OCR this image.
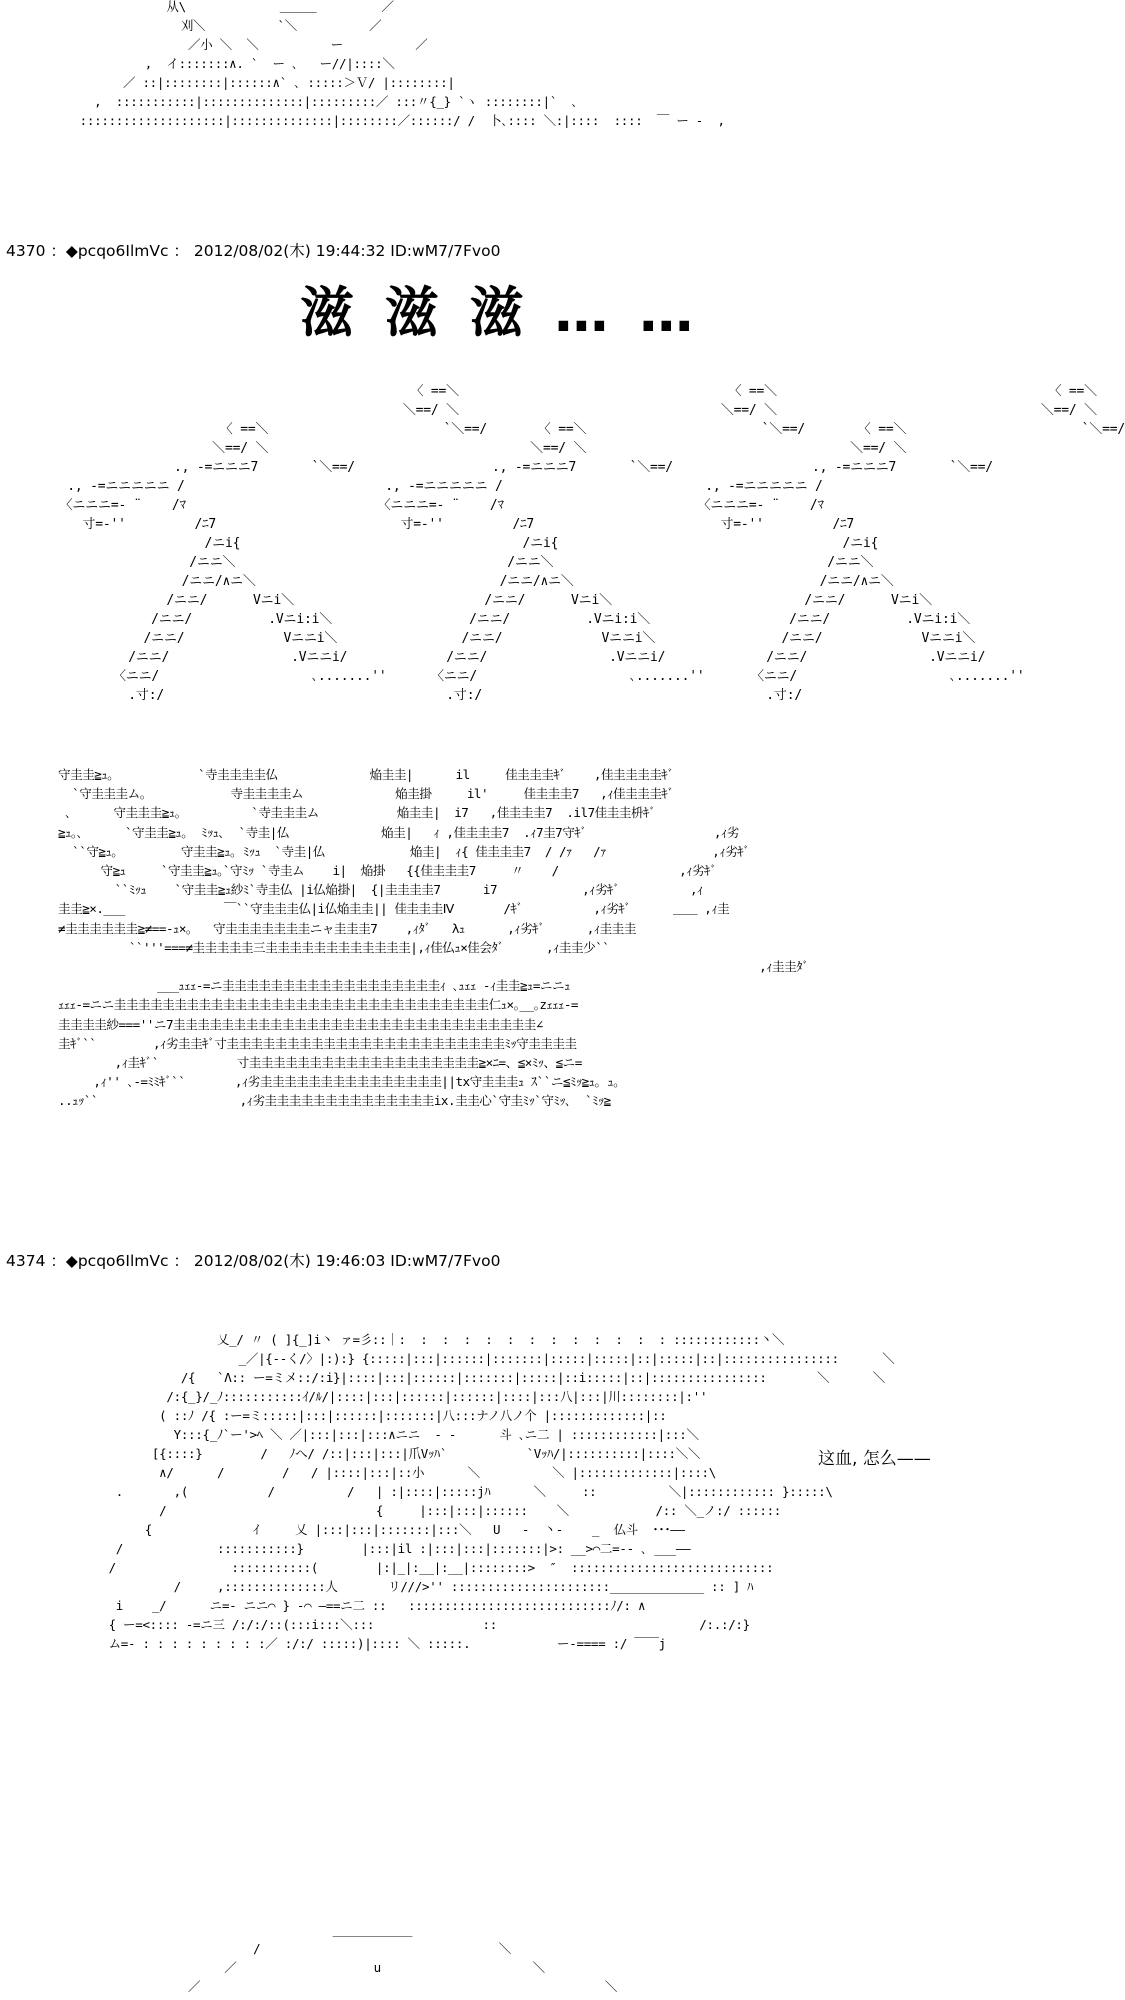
从\             ＿＿＿         ／
刈＼          `＼          ／
／小 ＼  ＼          ー          ／
,  イ:::::::∧. `  ー ､   ー//|::::＼
／ ::|::::::::|::::::∧` ､ :::::＞Ｖ/ |::::::::|
,  :::::::::::|::::::::::::::|:::::::::／ :::〃{_} `ヽ ::::::::|`  ､
::::::::::::::::::::|::::::::::::::|::::::::／::::::/ /  卜､:::: ＼:|::::  ::::  ￣ ー -  ,
4370 ：◆pcqo6IlmVc ： 2012/08/02(木) 19:44:32 ID:wM7/7Fvo0
滋 滋 滋 … …
〈 ==＼
＼==/ ＼
〈 ==＼                       `＼==/
＼==/ ＼
., -=ニニニ7       `＼==/
., -=ニニニニニ /
〈ニニニ=- ¨    /ﾏ
寸=-''         /ﾆ7
/ニi{
/ニニ＼
/ニニ/∧ニ＼
/ニニ/      Vニi＼
/ニニ/          .Vニi:i＼
/ニニ/             Vニニi＼
/ニニ/                .Vニニi/
〈ニニ/                    ､.......''
.寸:/
〈 ==＼
＼==/ ＼
〈 ==＼                       `＼==/
＼==/ ＼
., -=ニニニ7       `＼==/
., -=ニニニニニ /
〈ニニニ=- ¨    /ﾏ
寸=-''         /ﾆ7
/ニi{
/ニニ＼
/ニニ/∧ニ＼
/ニニ/      Vニi＼
/ニニ/          .Vニi:i＼
/ニニ/             Vニニi＼
/ニニ/                .Vニニi/
〈ニニ/                    ､.......''
.寸:/
〈 ==＼
＼==/ ＼
〈 ==＼                       `＼==/
＼==/ ＼
., -=ニニニ7       `＼==/
., -=ニニニニニ /
〈ニニニ=- ¨    /ﾏ
寸=-''         /ﾆ7
/ニi{
/ニニ＼
/ニニ/∧ニ＼
/ニニ/      Vニi＼
/ニニ/          .Vニi:i＼
/ニニ/             Vニニi＼
/ニニ/                .Vニニi/
〈ニニ/                    ､.......''
.寸:/
守圭圭≧ｭ｡            `寺圭圭圭圭仏             焔圭圭|      il     佳圭圭圭ｷﾞ    ,佳圭圭圭圭ｷﾞ
`守圭圭圭ム｡            寺圭圭圭圭ム             焔圭掛     il'     佳圭圭圭7   ,ｨ佳圭圭圭ｷﾞ
､      守圭圭圭≧ｭ｡          `寺圭圭圭ム           焔圭圭|  i7   ,佳圭圭圭7  .il7佳圭圭枡ｷﾞ
≧ｭ｡､      `守圭圭≧ｭ｡  ﾐｯｭ､  `寺圭|仏             焔圭|   ｨ ,佳圭圭圭7  .ｨ7圭7守ｷﾞ                  ,ｨ劣
``守≧ｭ｡         守圭圭≧ｭ｡ ﾐｯｭ  `寺圭|仏            焔圭|  ｨ{ 佳圭圭圭7  / /ｧ   /ｧ               ,ｨ劣ｷﾞ
守≧ｭ     `守圭圭≧ｭ｡`守ﾐｯ `寺圭ム    i|  焔掛   {{佳圭圭圭7     〃    /                 ,ｨ劣ｷﾞ
``ﾐｯｭ    `守圭圭≧ｭ紗ﾐ`寺圭仏 |i仏焔掛|  {|圭圭圭圭7      i7            ,ｨ劣ｷﾞ          ,ｨ
圭圭≧×.___              ￣``守圭圭圭仏|i仏焔圭圭|| 佳圭圭圭Ⅳ       /ｷﾞ          ,ｨ劣ｷﾞ      ＿＿ ,ｨ圭
≠圭圭圭圭圭圭≧≠==-ｭ×｡   守圭圭圭圭圭圭圭ニャ圭圭圭7    ,ｨﾀﾞ   λｭ      ,ｨ劣ｷﾞ      ,ｨ圭圭圭
``'''===≠圭圭圭圭圭三圭圭圭圭圭圭圭圭圭圭圭圭|,ｨ佳仏ｭ×佳会ﾀﾞ      ,ｨ圭圭少``
,ｨ圭圭ﾀﾞ
___ｭｪｪ-=ニ圭圭圭圭圭圭圭圭圭圭圭圭圭圭圭圭圭圭ｨ ､ｭｪｪ -ｨ圭圭≧ｭ=ニニｭ
ｪｪｪ-=ニニ圭圭圭圭圭圭圭圭圭圭圭圭圭圭圭圭圭圭圭圭圭圭圭圭圭圭圭圭圭圭圭仁ｭ×｡__｡zｪｪｪ-=
圭圭圭圭紗===''ニ7圭圭圭圭圭圭圭圭圭圭圭圭圭圭圭圭圭圭圭圭圭圭圭圭圭圭圭圭圭圭∠
圭ｷﾞ``        ,ｨ劣圭圭ｷﾞ寸圭圭圭圭圭圭圭圭圭圭圭圭圭圭圭圭圭圭圭圭圭圭圭ﾐｯ守圭圭圭圭
,ｨ圭ｷﾞ`           寸圭圭圭圭圭圭圭圭圭圭圭圭圭圭圭圭圭圭圭≧×ﾆ=、≦×ﾐｯ、≦ニ=
,ｨ'' ､-=ﾐﾐｷﾞ``       ,ｨ劣圭圭圭圭圭圭圭圭圭圭圭圭圭圭圭||tx守圭圭圭ｭ ｽ``ニ≦ﾐｯ≧ｭ｡ ｭ｡
..ｭｯ``                    ,ｨ劣圭圭圭圭圭圭圭圭圭圭圭圭圭圭ix.圭圭心`守圭ﾐｯ`守ﾐｯ､  `ﾐｯ≧
4374 ：◆pcqo6IlmVc ： 2012/08/02(木) 19:46:03 ID:wM7/7Fvo0
乂_/ 〃 ( ]{_]i丶 ァ=彡::｜:  :  :  :  :  :  :  :  :  :  :  :  : ::::::::::::丶＼
_／|{--く/〉|:):} {:::::|:::|::::::|:::::::|:::::|:::::|::|:::::|::|::::::::::::::::      ＼
/{   `Λ:: ー=ミメ::/:i}|::::|:::|::::::|:::::::|:::::|::i:::::|::|::::::::::::::::       ＼      ＼
/:{_}/_ﾉ:::::::::::ｲ/ﾙ/|::::|:::|::::::|::::::|::::|:::八|:::|川::::::::|:''
( ::ﾉ /{ :ー=ミ:::::|:::|::::::|:::::::|八:::ナノ八ノ个 |:::::::::::::|::
Y:::{_ﾉ`ー'>ﾍ ＼ ／|:::|:::|:::∧ニニ  - -      斗 ､ニ二 | ::::::::::::|:::＼
[{::::}        /   ﾉへ/ /::|:::|:::|爪Vｯﾊ`           `Vｯﾊ/|::::::::::|::::＼＼
∧/      /        /   / |::::|:::|::小      ＼          ＼ |:::::::::::::|::::\
.       ,(           /          /   | :|::::|:::::jﾊ      ＼     ::          ＼|:::::::::::: }:::::\
/                             {     |:::|:::|::::::    ＼            /:: ＼_ノ:/ ::::::
{              ｲ     乂 |:::|:::|:::::::|:::＼   U   -  丶-    _  仏斗  ･･･――
/             :::::::::::}        |:::|il :|:::|:::|:::::::|>: __>⌒二=-‐ ､ ___――
/                :::::::::::(        |:|_|:__|:__|::::::::>  ″  ::::::::::::::::::::::::::::
/     ,::::::::::::::人       リ///>'' ::::::::::::::::::::::_____________ :: ] ﾊ
i    _/      ニ=- ニニ⌒ } -⌒ ―==ニ二 ::   ::::::::::::::::::::::::::::ﾉ/: ∧
{ ー=<:::: -=ニ三 /:/:/::(:::i:::＼:::               ::                            /:.:/:}
ム=- : : : : : : : : :／ :/:/ :::::)|:::: ＼ :::::.            ー-==== :/ ￣￣j
这血, 怎么——
___________
/                                 ＼
／                   u                     ＼
／                                                        ＼
